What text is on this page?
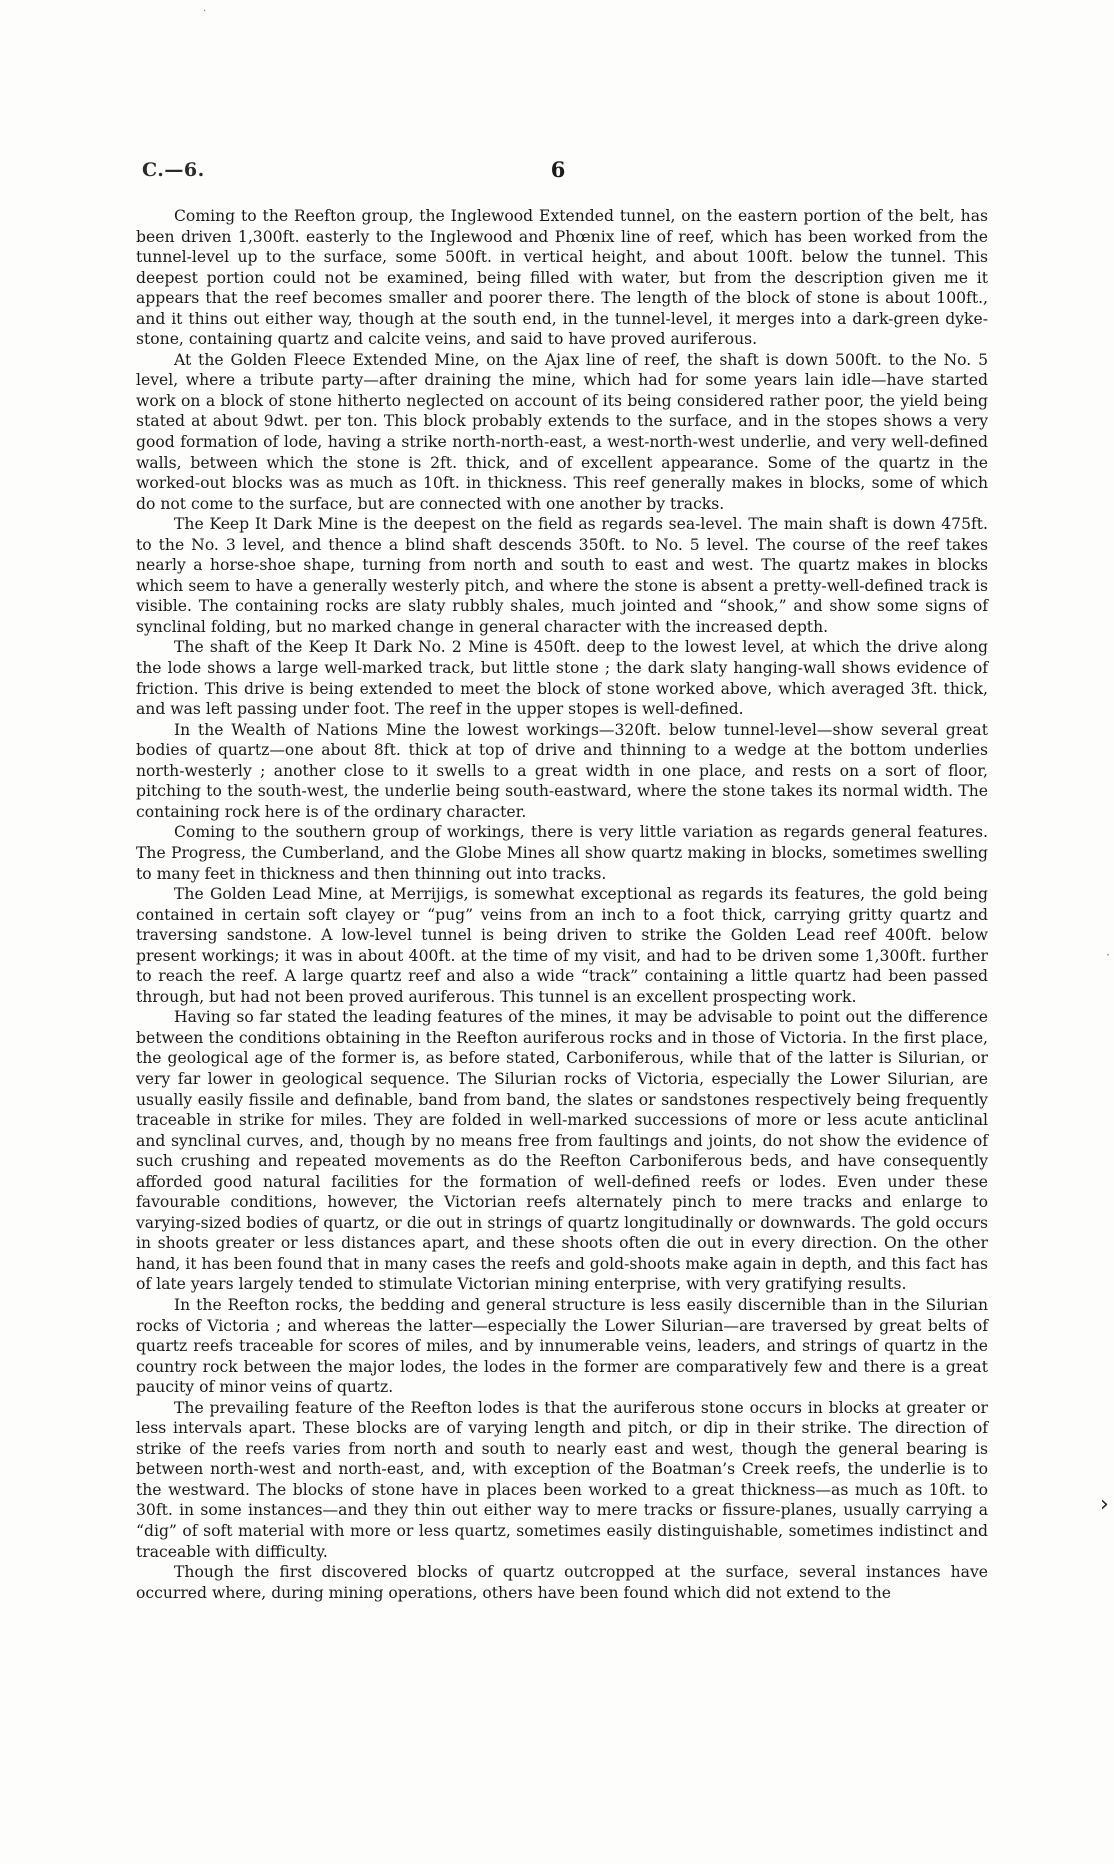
C.—6.	6

Coming to the Reefton group, the Inglewood Extended tunnel, on the eastern portion of the belt, has been driven 1,300ft. easterly to the Inglewood and Phœnix line of reef, which has been worked from the tunnel-level up to the surface, some 500ft. in vertical height, and about 100ft. below the tunnel. This deepest portion could not be examined, being filled with water, but from the description given me it appears that the reef becomes smaller and poorer there. The length of the block of stone is about 100ft., and it thins out either way, though at the south end, in the tunnel-level, it merges into a dark-green dyke-stone, containing quartz and calcite veins, and said to have proved auriferous.

At the Golden Fleece Extended Mine, on the Ajax line of reef, the shaft is down 500ft. to the No. 5 level, where a tribute party—after draining the mine, which had for some years lain idle—have started work on a block of stone hitherto neglected on account of its being considered rather poor, the yield being stated at about 9dwt. per ton. This block probably extends to the surface, and in the stopes shows a very good formation of lode, having a strike north-north-east, a west-north-west underlie, and very well-defined walls, between which the stone is 2ft. thick, and of excellent appearance. Some of the quartz in the worked-out blocks was as much as 10ft. in thickness. This reef generally makes in blocks, some of which do not come to the surface, but are connected with one another by tracks.

The Keep It Dark Mine is the deepest on the field as regards sea-level. The main shaft is down 475ft. to the No. 3 level, and thence a blind shaft descends 350ft. to No. 5 level. The course of the reef takes nearly a horse-shoe shape, turning from north and south to east and west. The quartz makes in blocks which seem to have a generally westerly pitch, and where the stone is absent a pretty-well-defined track is visible. The containing rocks are slaty rubbly shales, much jointed and “shook,” and show some signs of synclinal folding, but no marked change in general character with the increased depth.

The shaft of the Keep It Dark No. 2 Mine is 450ft. deep to the lowest level, at which the drive along the lode shows a large well-marked track, but little stone ; the dark slaty hanging-wall shows evidence of friction. This drive is being extended to meet the block of stone worked above, which averaged 3ft. thick, and was left passing under foot. The reef in the upper stopes is well-defined.

In the Wealth of Nations Mine the lowest workings—320ft. below tunnel-level—show several great bodies of quartz—one about 8ft. thick at top of drive and thinning to a wedge at the bottom underlies north-westerly ; another close to it swells to a great width in one place, and rests on a sort of floor, pitching to the south-west, the underlie being south-eastward, where the stone takes its normal width. The containing rock here is of the ordinary character.

Coming to the southern group of workings, there is very little variation as regards general features. The Progress, the Cumberland, and the Globe Mines all show quartz making in blocks, sometimes swelling to many feet in thickness and then thinning out into tracks.

The Golden Lead Mine, at Merrijigs, is somewhat exceptional as regards its features, the gold being contained in certain soft clayey or “pug” veins from an inch to a foot thick, carrying gritty quartz and traversing sandstone. A low-level tunnel is being driven to strike the Golden Lead reef 400ft. below present workings; it was in about 400ft. at the time of my visit, and had to be driven some 1,300ft. further to reach the reef. A large quartz reef and also a wide “track” containing a little quartz had been passed through, but had not been proved auriferous. This tunnel is an excellent prospecting work.

Having so far stated the leading features of the mines, it may be advisable to point out the difference between the conditions obtaining in the Reefton auriferous rocks and in those of Victoria. In the first place, the geological age of the former is, as before stated, Carboniferous, while that of the latter is Silurian, or very far lower in geological sequence. The Silurian rocks of Victoria, especially the Lower Silurian, are usually easily fissile and definable, band from band, the slates or sandstones respectively being frequently traceable in strike for miles. They are folded in well-marked successions of more or less acute anticlinal and synclinal curves, and, though by no means free from faultings and joints, do not show the evidence of such crushing and repeated movements as do the Reefton Carboniferous beds, and have consequently afforded good natural facilities for the formation of well-defined reefs or lodes. Even under these favourable conditions, however, the Victorian reefs alternately pinch to mere tracks and enlarge to varying-sized bodies of quartz, or die out in strings of quartz longitudinally or downwards. The gold occurs in shoots greater or less distances apart, and these shoots often die out in every direction. On the other hand, it has been found that in many cases the reefs and gold-shoots make again in depth, and this fact has of late years largely tended to stimulate Victorian mining enterprise, with very gratifying results.

In the Reefton rocks, the bedding and general structure is less easily discernible than in the Silurian rocks of Victoria ; and whereas the latter—especially the Lower Silurian—are traversed by great belts of quartz reefs traceable for scores of miles, and by innumerable veins, leaders, and strings of quartz in the country rock between the major lodes, the lodes in the former are comparatively few and there is a great paucity of minor veins of quartz.

The prevailing feature of the Reefton lodes is that the auriferous stone occurs in blocks at greater or less intervals apart. These blocks are of varying length and pitch, or dip in their strike. The direction of strike of the reefs varies from north and south to nearly east and west, though the general bearing is between north-west and north-east, and, with exception of the Boatman’s Creek reefs, the underlie is to the westward. The blocks of stone have in places been worked to a great thickness—as much as 10ft. to 30ft. in some instances—and they thin out either way to mere tracks or fissure-planes, usually carrying a “dig” of soft material with more or less quartz, sometimes easily distinguishable, sometimes indistinct and traceable with difficulty.

Though the first discovered blocks of quartz outcropped at the surface, several instances have occurred where, during mining operations, others have been found which did not extend to the

›
·
·
